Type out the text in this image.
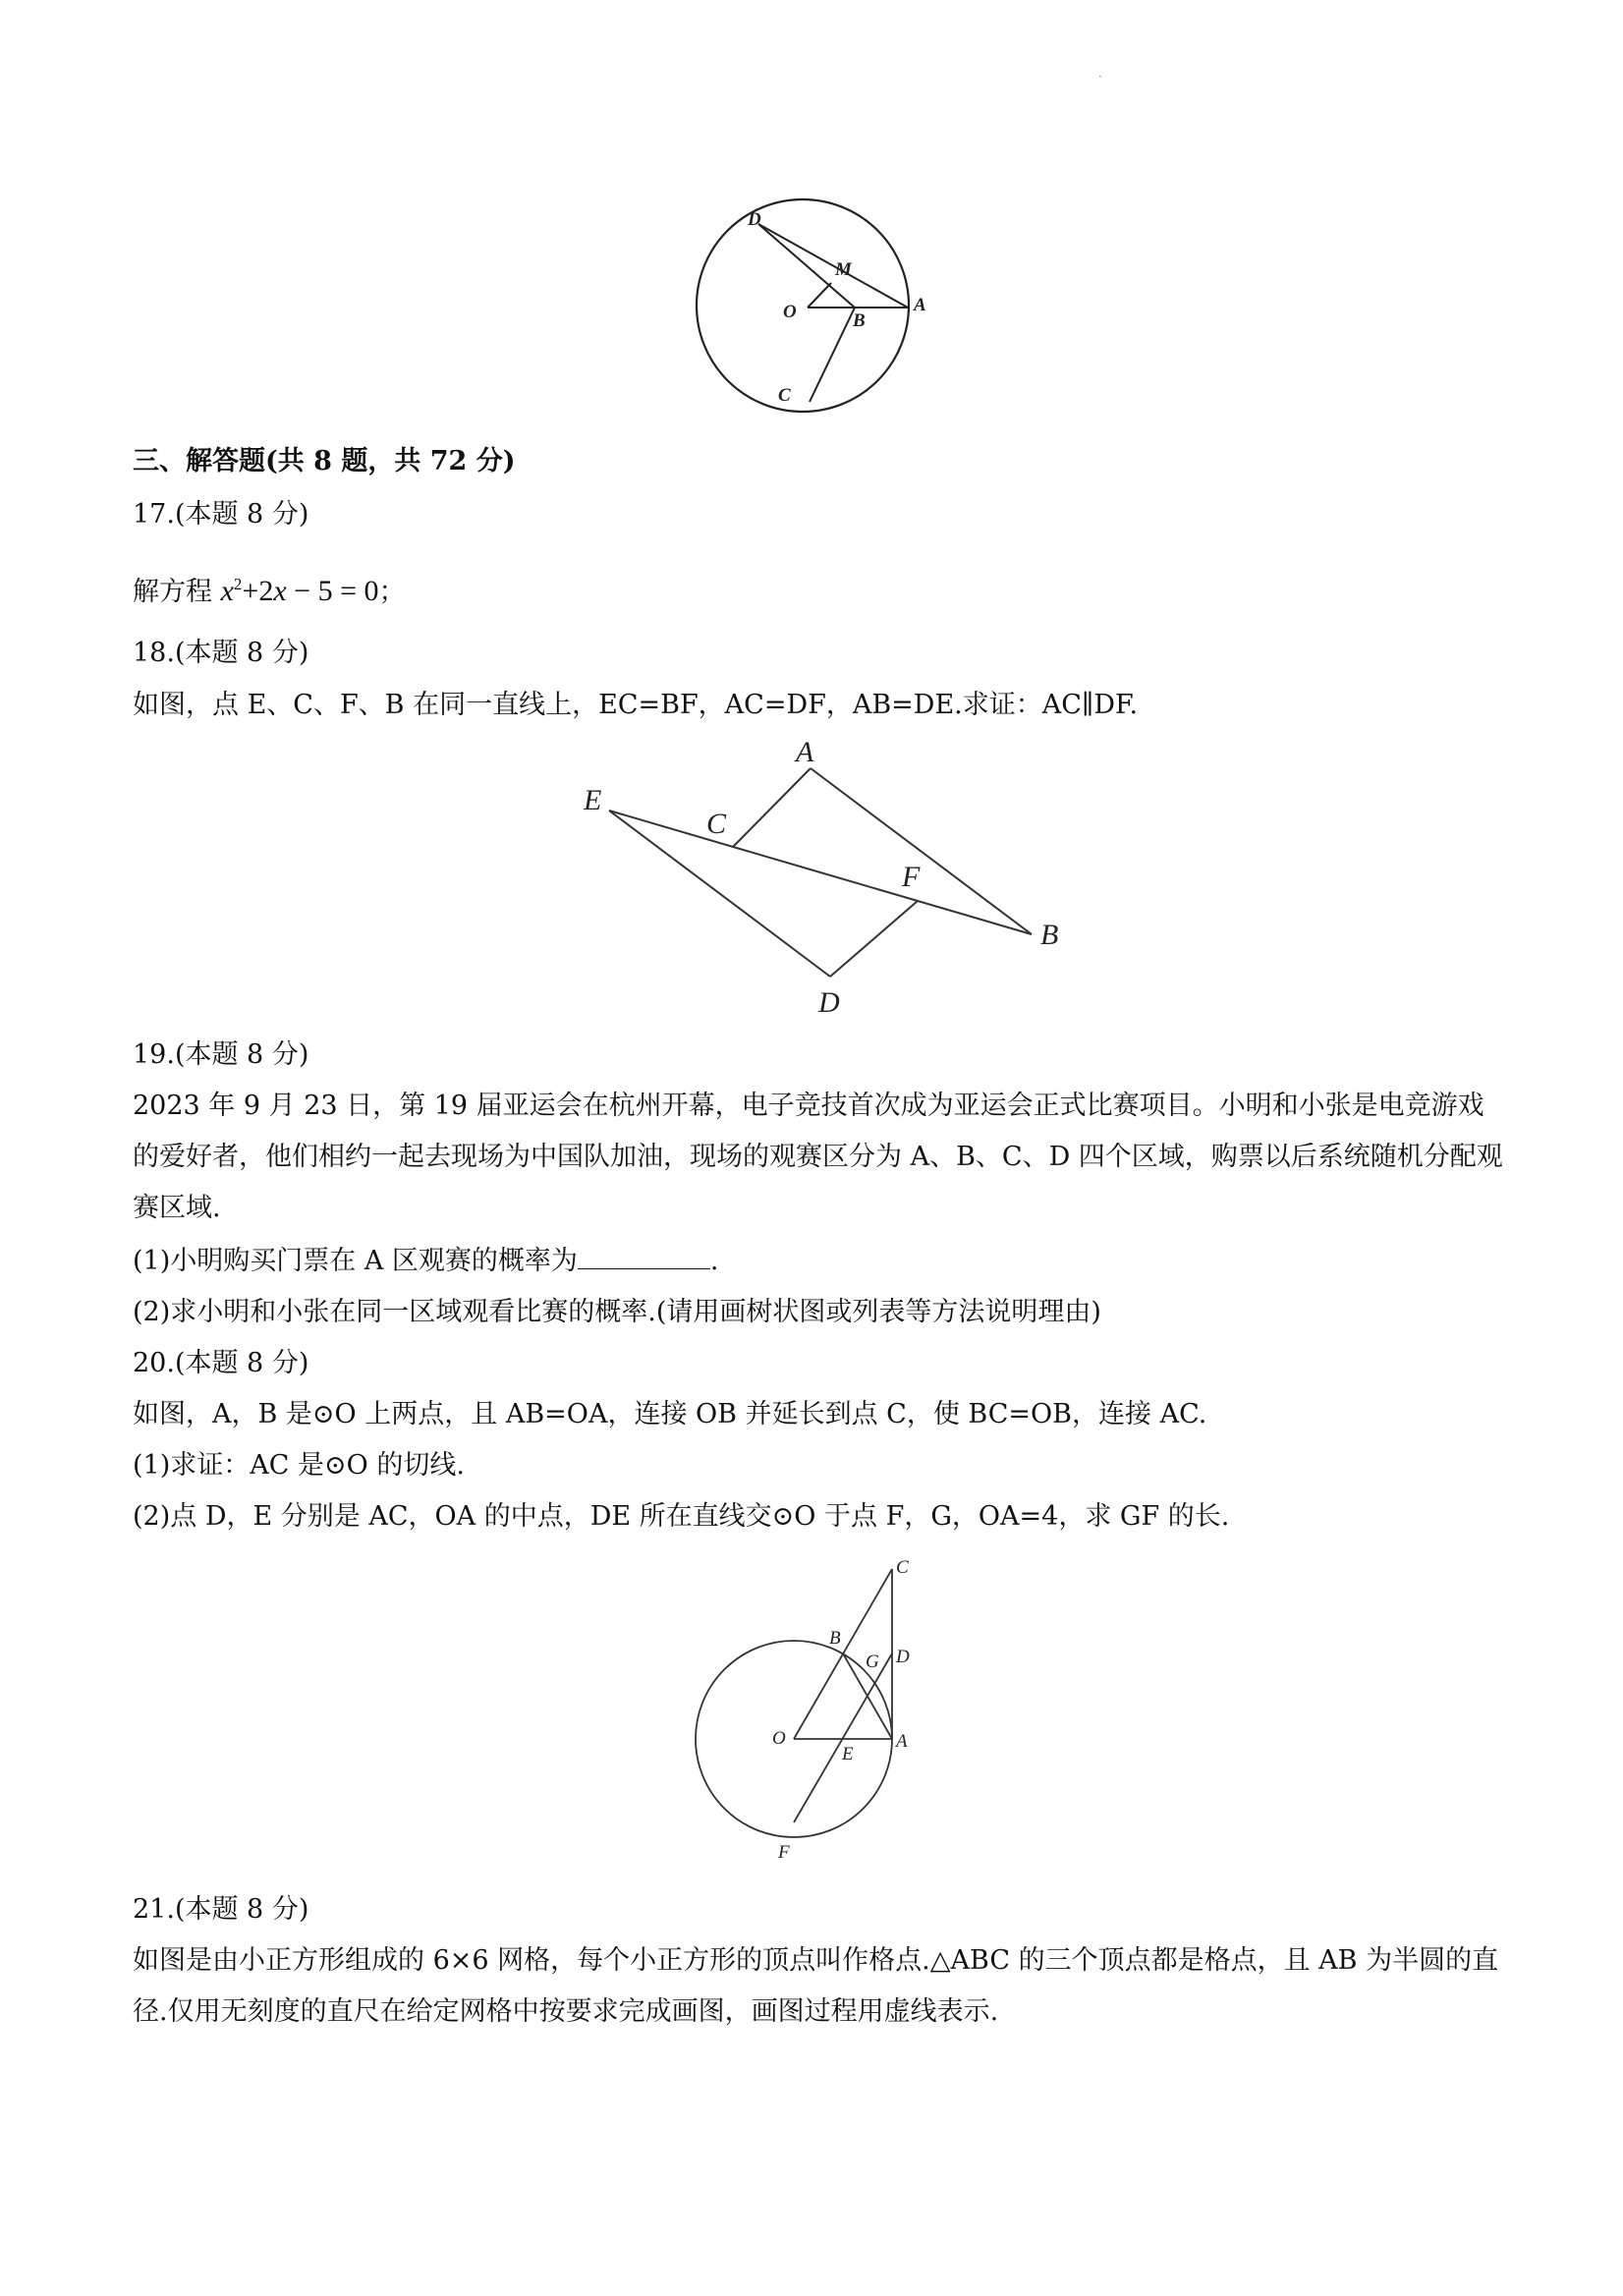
·
D
M
O	B
A
C
三、解答题(共 8 题，共 72 分)
17.(本题 8 分)
解方程 $x^2+2x - 5 = 0$；
18.(本题 8 分)
如图，点 E、C、F、B 在同一直线上，EC=BF，AC=DF，AB=DE.求证：AC∥DF.
E
C
A
F
B
D
19.(本题 8 分)
2023 年 9 月 23 日，第 19 届亚运会在杭州开幕，电子竞技首次成为亚运会正式比赛项目。小明和小张是电竞游戏的爱好者，他们相约一起去现场为中国队加油，现场的观赛区分为 A、B、C、D 四个区域，购票以后系统随机分配观赛区域.
(1)小明购买门票在 A 区观赛的概率为	.
(2)求小明和小张在同一区域观看比赛的概率.(请用画树状图或列表等方法说明理由)
20.(本题 8 分)
如图，A，B 是⊙O 上两点，且 AB=OA，连接 OB 并延长到点 C，使 BC=OB，连接 AC.
(1)求证：AC 是⊙O 的切线.
(2)点 D，E 分别是 AC，OA 的中点，DE 所在直线交⊙O 于点 F，G，OA=4，求 GF 的长.
C
B
G D
O
E
A
F
21.(本题 8 分)
如图是由小正方形组成的 6×6 网格，每个小正方形的顶点叫作格点.△ABC 的三个顶点都是格点，且 AB 为半圆的直径.仅用无刻度的直尺在给定网格中按要求完成画图，画图过程用虚线表示.
